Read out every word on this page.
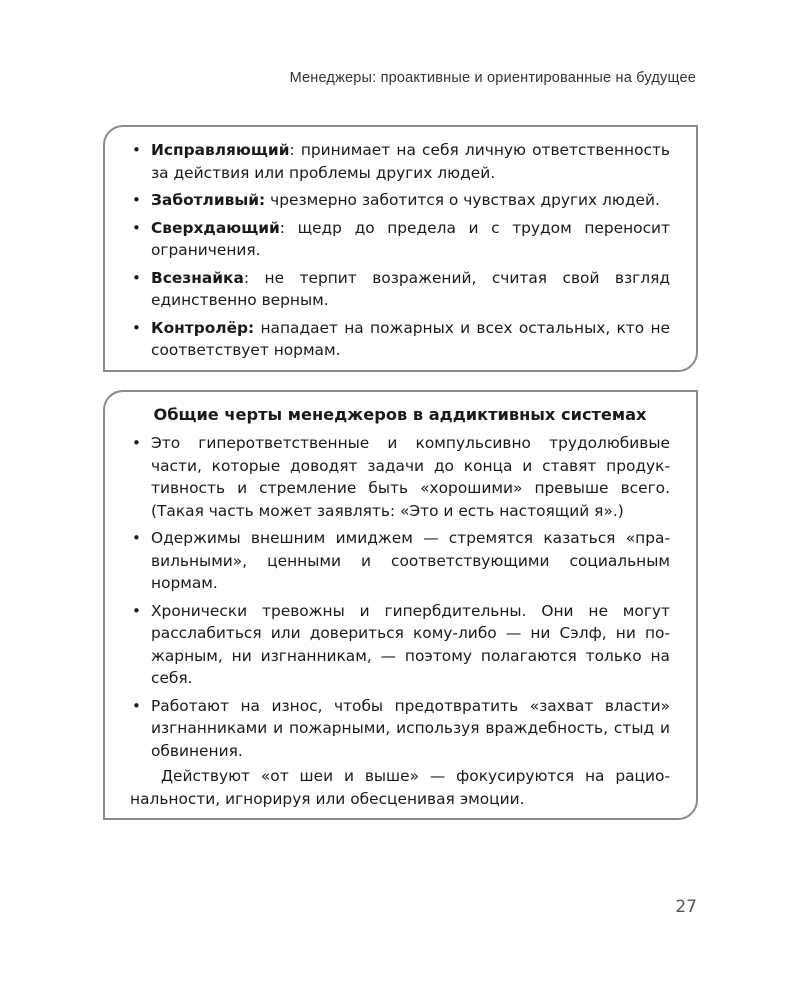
Менеджеры: проактивные и ориентированные на будущее
• Исправляющий: принимает на себя личную ответственность за действия или проблемы других людей.
• Заботливый: чрезмерно заботится о чувствах других людей.
• Сверхдающий: щедр до предела и с трудом переносит ограничения.
• Всезнайка: не терпит возражений, считая свой взгляд единственно верным.
• Контролёр: нападает на пожарных и всех остальных, кто не соответствует нормам.
Общие черты менеджеров в аддиктивных системах
• Это гиперответственные и компульсивно трудолюбивые части, которые доводят задачи до конца и ставят продуктивность и стремление быть «хорошими» превыше всего. (Такая часть может заявлять: «Это и есть настоящий я».)
• Одержимы внешним имиджем — стремятся казаться «правильными», ценными и соответствующими социальным нормам.
• Хронически тревожны и гипербдительны. Они не могут расслабиться или довериться кому-либо — ни Сэлф, ни пожарным, ни изгнанникам, — поэтому полагаются только на себя.
• Работают на износ, чтобы предотвратить «захват власти» изгнанниками и пожарными, используя враждебность, стыд и обвинения.
Действуют «от шеи и выше» — фокусируются на рациональности, игнорируя или обесценивая эмоции.
27
